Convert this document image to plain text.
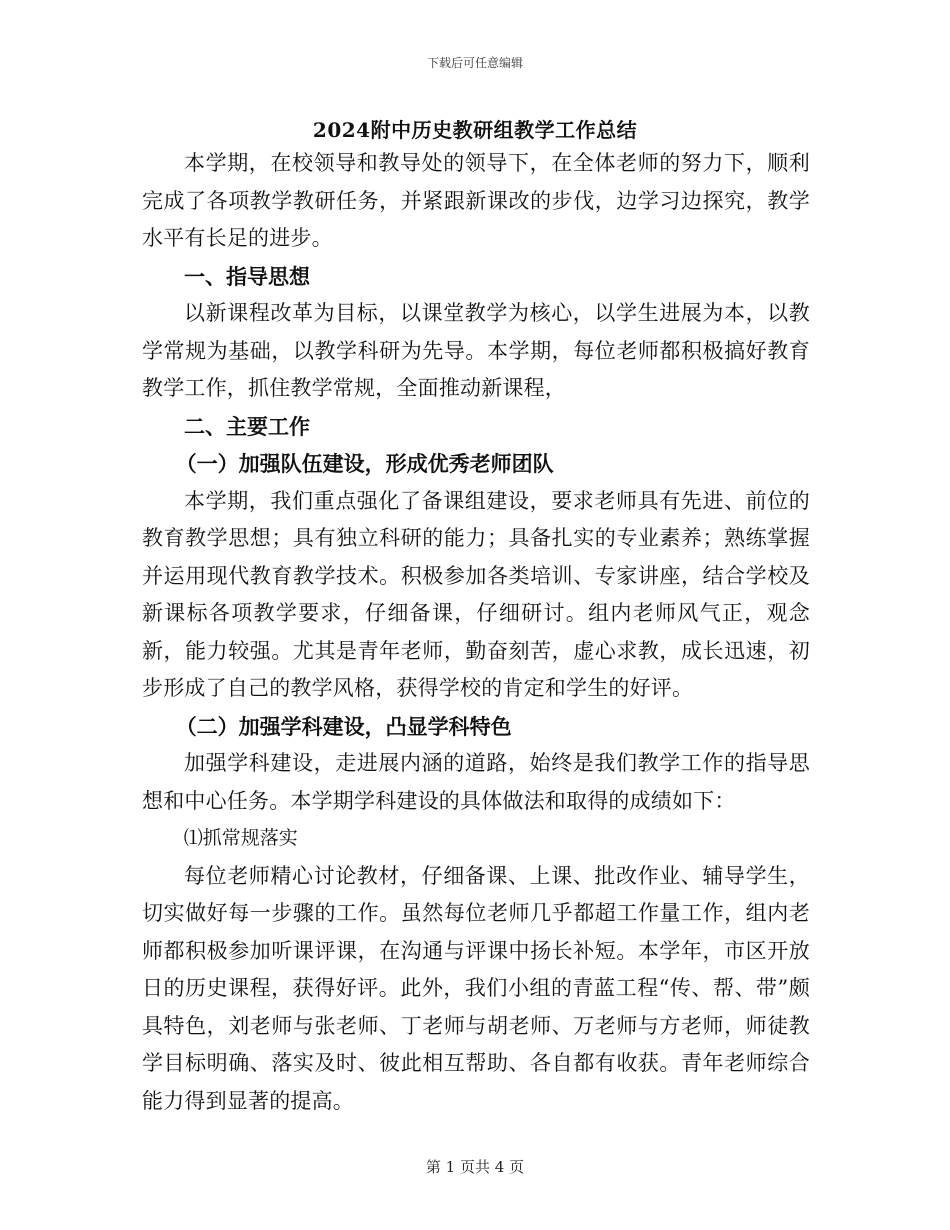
下载后可任意编辑
2024附中历史教研组教学工作总结

本学期，在校领导和教导处的领导下，在全体老师的努力下，顺利完成了各项教学教研任务，并紧跟新课改的步伐，边学习边探究，教学水平有长足的进步。

一、指导思想

以新课程改革为目标，以课堂教学为核心，以学生进展为本，以教学常规为基础，以教学科研为先导。本学期，每位老师都积极搞好教育教学工作，抓住教学常规，全面推动新课程，

二、主要工作

（一）加强队伍建设，形成优秀老师团队

本学期，我们重点强化了备课组建设，要求老师具有先进、前位的教育教学思想；具有独立科研的能力；具备扎实的专业素养；熟练掌握并运用现代教育教学技术。积极参加各类培训、专家讲座，结合学校及新课标各项教学要求，仔细备课，仔细研讨。组内老师风气正，观念新，能力较强。尤其是青年老师，勤奋刻苦，虚心求教，成长迅速，初步形成了自己的教学风格，获得学校的肯定和学生的好评。

（二）加强学科建设，凸显学科特色

加强学科建设，走进展内涵的道路，始终是我们教学工作的指导思想和中心任务。本学期学科建设的具体做法和取得的成绩如下：

⑴抓常规落实

每位老师精心讨论教材，仔细备课、上课、批改作业、辅导学生，切实做好每一步骤的工作。虽然每位老师几乎都超工作量工作，组内老师都积极参加听课评课，在沟通与评课中扬长补短。本学年，市区开放日的历史课程，获得好评。此外，我们小组的青蓝工程“传、帮、带”颇具特色，刘老师与张老师、丁老师与胡老师、万老师与方老师，师徒教学目标明确、落实及时、彼此相互帮助、各自都有收获。青年老师综合能力得到显著的提高。

第 1 页共 4 页
